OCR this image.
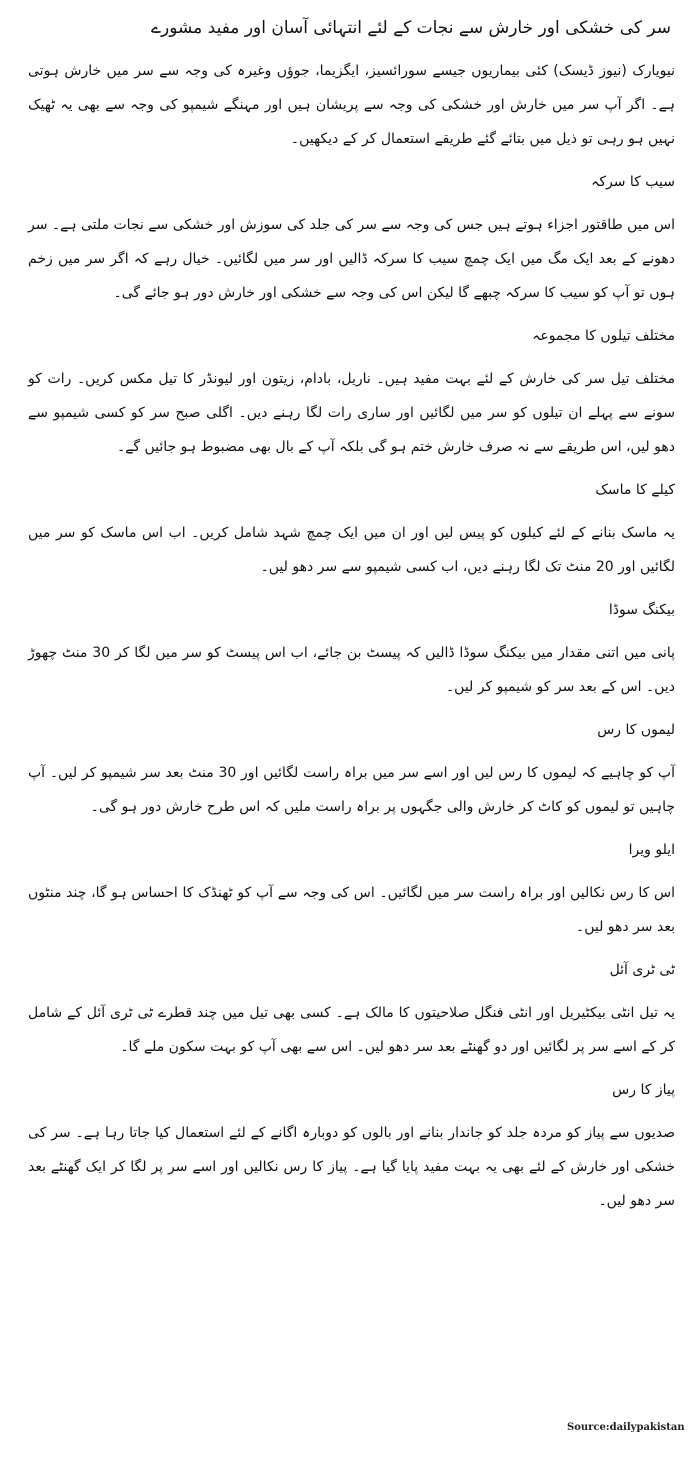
سر کی خشکی اور خارش سے نجات کے لئے انتہائی آسان اور مفید مشورے

نیویارک (نیوز ڈیسک) کئی بیماریوں جیسے سورائسیز، ایگزیما، جوؤں وغیرہ کی وجہ سے سر میں خارش ہوتی ہے۔ اگر آپ سر میں خارش اور خشکی کی وجہ سے پریشان ہیں اور مہنگے شیمپو کی وجہ سے بھی یہ ٹھیک نہیں ہو رہی تو ذیل میں بتائے گئے طریقے استعمال کر کے دیکھیں۔

سیب کا سرکہ

اس میں طاقتور اجزاء ہوتے ہیں جس کی وجہ سے سر کی جلد کی سوزش اور خشکی سے نجات ملتی ہے۔ سر دھونے کے بعد ایک مگ میں ایک چمچ سیب کا سرکہ ڈالیں اور سر میں لگائیں۔ خیال رہے کہ اگر سر میں زخم ہوں تو آپ کو سیب کا سرکہ چبھے گا لیکن اس کی وجہ سے خشکی اور خارش دور ہو جائے گی۔

مختلف تیلوں کا مجموعہ

مختلف تیل سر کی خارش کے لئے بہت مفید ہیں۔ ناریل، بادام، زیتون اور لیونڈر کا تیل مکس کریں۔ رات کو سونے سے پہلے ان تیلوں کو سر میں لگائیں اور ساری رات لگا رہنے دیں۔ اگلی صبح سر کو کسی شیمپو سے دھو لیں، اس طریقے سے نہ صرف خارش ختم ہو گی بلکہ آپ کے بال بھی مضبوط ہو جائیں گے۔

کیلے کا ماسک

یہ ماسک بنانے کے لئے کیلوں کو پیس لیں اور ان میں ایک چمچ شہد شامل کریں۔ اب اس ماسک کو سر میں لگائیں اور 20 منٹ تک لگا رہنے دیں، اب کسی شیمپو سے سر دھو لیں۔

بیکنگ سوڈا

پانی میں اتنی مقدار میں بیکنگ سوڈا ڈالیں کہ پیسٹ بن جائے، اب اس پیسٹ کو سر میں لگا کر 30 منٹ چھوڑ دیں۔ اس کے بعد سر کو شیمپو کر لیں۔

لیموں کا رس

آپ کو چاہیے کہ لیموں کا رس لیں اور اسے سر میں براہ راست لگائیں اور 30 منٹ بعد سر شیمپو کر لیں۔ آپ چاہیں تو لیموں کو کاٹ کر خارش والی جگہوں پر براہ راست ملیں کہ اس طرح خارش دور ہو گی۔

ایلو ویرا

اس کا رس نکالیں اور براہ راست سر میں لگائیں۔ اس کی وجہ سے آپ کو ٹھنڈک کا احساس ہو گا، چند منٹوں بعد سر دھو لیں۔

ٹی ٹری آئل

یہ تیل انٹی بیکٹیریل اور انٹی فنگل صلاحیتوں کا مالک ہے۔ کسی بھی تیل میں چند قطرے ٹی ٹری آئل کے شامل کر کے اسے سر پر لگائیں اور دو گھنٹے بعد سر دھو لیں۔ اس سے بھی آپ کو بہت سکون ملے گا۔

پیاز کا رس

صدیوں سے پیاز کو مردہ جلد کو جاندار بنانے اور بالوں کو دوبارہ اگانے کے لئے استعمال کیا جاتا رہا ہے۔ سر کی خشکی اور خارش کے لئے بھی یہ بہت مفید پایا گیا ہے۔ پیاز کا رس نکالیں اور اسے سر پر لگا کر ایک گھنٹے بعد سر دھو لیں۔

Source:dailypakistan
